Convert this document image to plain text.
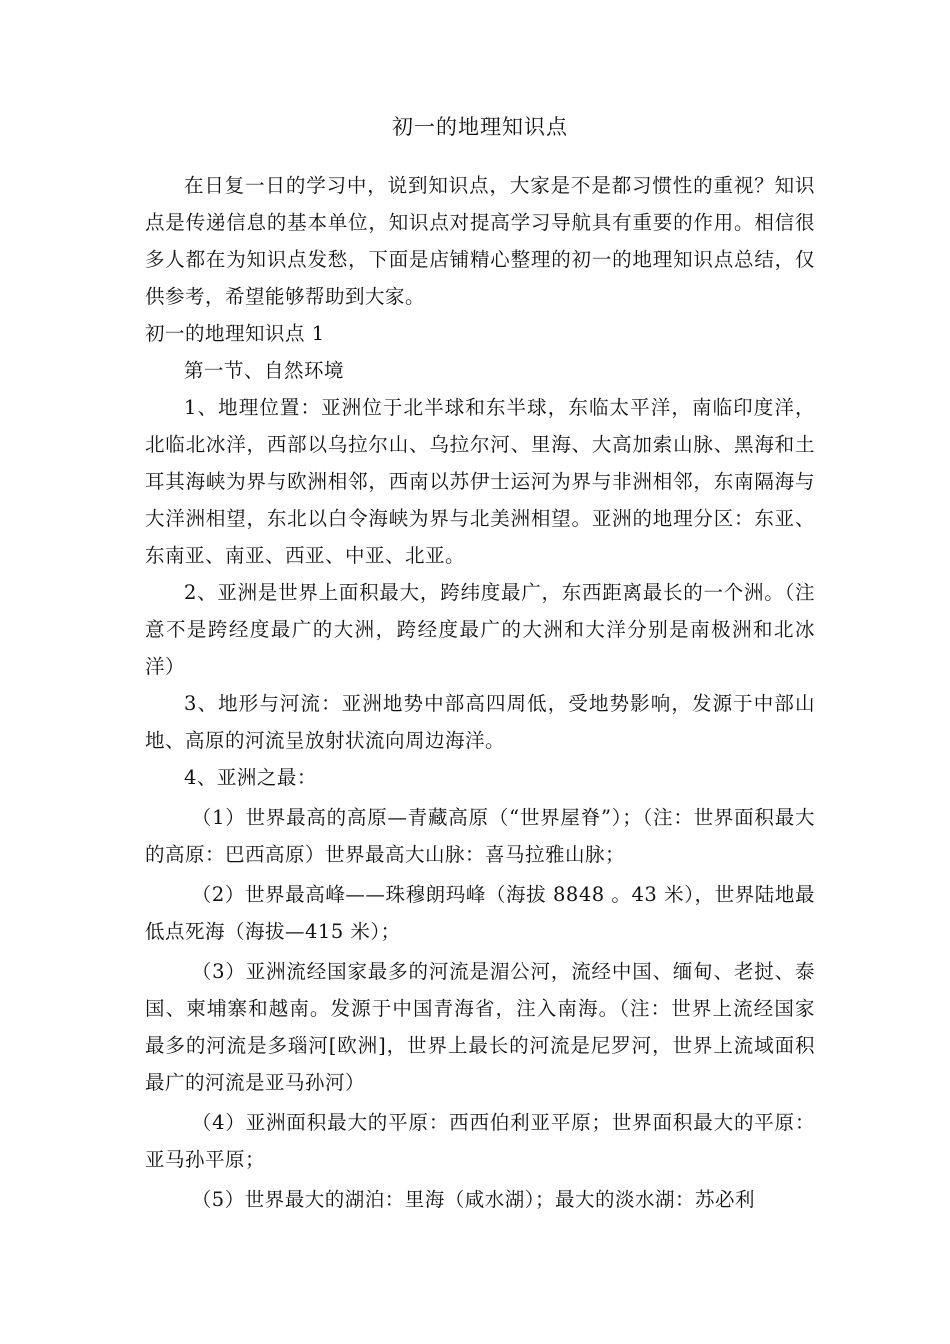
初一的地理知识点

在日复一日的学习中，说到知识点，大家是不是都习惯性的重视？知识点是传递信息的基本单位，知识点对提高学习导航具有重要的作用。相信很多人都在为知识点发愁，下面是店铺精心整理的初一的地理知识点总结，仅供参考，希望能够帮助到大家。

初一的地理知识点 1

第一节、自然环境

1、地理位置：亚洲位于北半球和东半球，东临太平洋，南临印度洋，北临北冰洋，西部以乌拉尔山、乌拉尔河、里海、大高加索山脉、黑海和土耳其海峡为界与欧洲相邻，西南以苏伊士运河为界与非洲相邻，东南隔海与大洋洲相望，东北以白令海峡为界与北美洲相望。亚洲的地理分区：东亚、东南亚、南亚、西亚、中亚、北亚。

2、亚洲是世界上面积最大，跨纬度最广，东西距离最长的一个洲。（注意不是跨经度最广的大洲，跨经度最广的大洲和大洋分别是南极洲和北冰洋）

3、地形与河流：亚洲地势中部高四周低，受地势影响，发源于中部山地、高原的河流呈放射状流向周边海洋。

4、亚洲之最：

（1）世界最高的高原—青藏高原（“世界屋脊”）；（注：世界面积最大的高原：巴西高原）世界最高大山脉：喜马拉雅山脉；

（2）世界最高峰——珠穆朗玛峰（海拔 8848 。43 米），世界陆地最低点死海（海拔—415 米）；

（3）亚洲流经国家最多的河流是湄公河，流经中国、缅甸、老挝、泰国、柬埔寨和越南。发源于中国青海省，注入南海。（注：世界上流经国家最多的河流是多瑙河[欧洲]，世界上最长的河流是尼罗河，世界上流域面积最广的河流是亚马孙河）

（4）亚洲面积最大的平原：西西伯利亚平原；世界面积最大的平原：亚马孙平原；

（5）世界最大的湖泊：里海（咸水湖）；最大的淡水湖：苏必利
